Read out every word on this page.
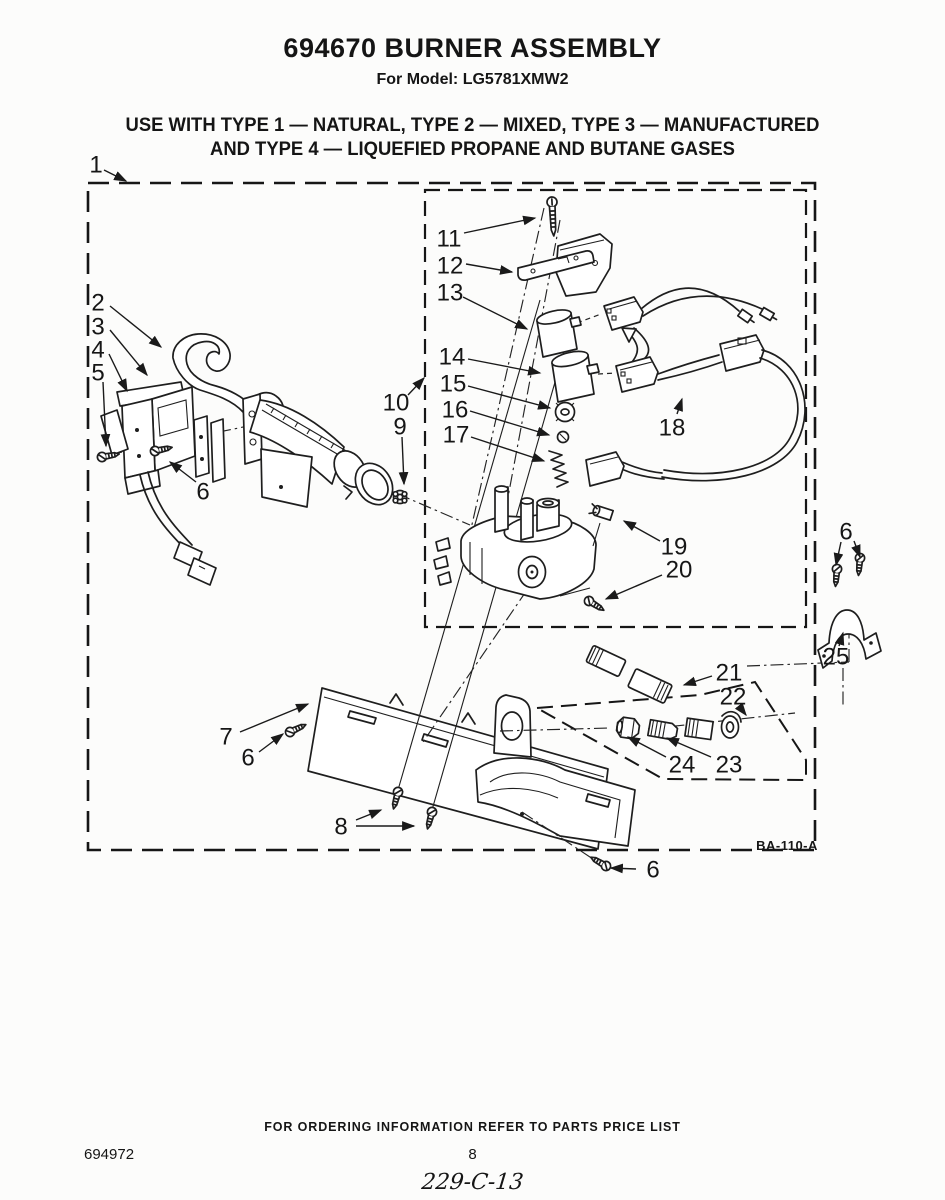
694670 BURNER ASSEMBLY
For Model: LG5781XMW2
USE WITH TYPE 1 — NATURAL, TYPE 2 — MIXED, TYPE 3 — MANUFACTURED
AND TYPE 4 — LIQUEFIED PROPANE AND BUTANE GASES
BA-110-A
1
2
3
4
5
6
7
6
8
9
10
11
12
13
14
15
16
17	18
19
20
21
22
23
24
25
6
6
FOR ORDERING INFORMATION REFER TO PARTS PRICE LIST
694972	8
229-C-13
